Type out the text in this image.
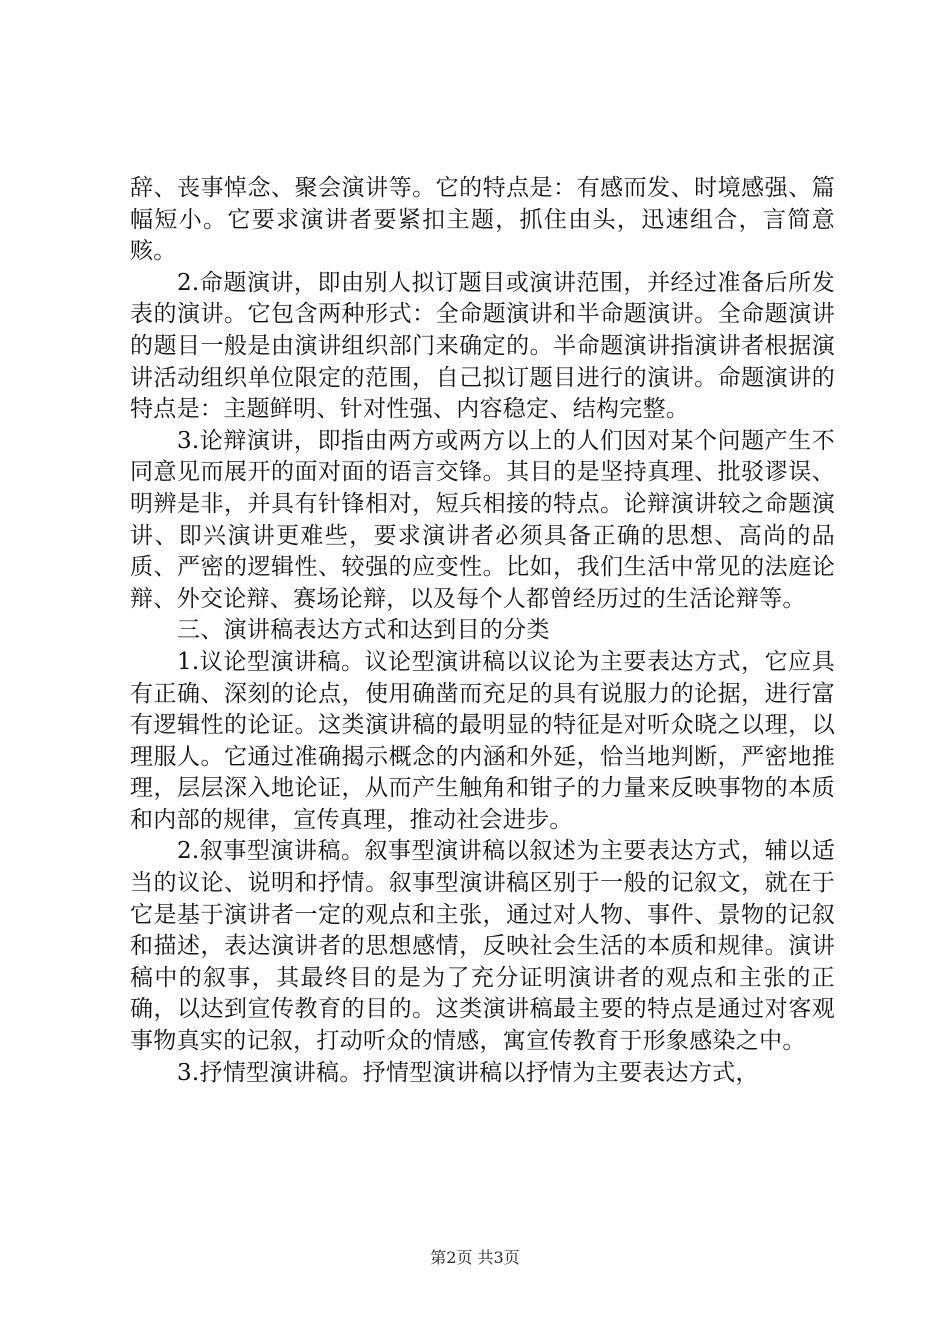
辞、丧事悼念、聚会演讲等。它的特点是：有感而发、时境感强、篇幅短小。它要求演讲者要紧扣主题，抓住由头，迅速组合，言简意赅。

2.命题演讲，即由别人拟订题目或演讲范围，并经过准备后所发表的演讲。它包含两种形式：全命题演讲和半命题演讲。全命题演讲的题目一般是由演讲组织部门来确定的。半命题演讲指演讲者根据演讲活动组织单位限定的范围，自己拟订题目进行的演讲。命题演讲的特点是：主题鲜明、针对性强、内容稳定、结构完整。

3.论辩演讲，即指由两方或两方以上的人们因对某个问题产生不同意见而展开的面对面的语言交锋。其目的是坚持真理、批驳谬误、明辨是非，并具有针锋相对，短兵相接的特点。论辩演讲较之命题演讲、即兴演讲更难些，要求演讲者必须具备正确的思想、高尚的品质、严密的逻辑性、较强的应变性。比如，我们生活中常见的法庭论辩、外交论辩、赛场论辩，以及每个人都曾经历过的生活论辩等。

三、演讲稿表达方式和达到目的分类

1.议论型演讲稿。议论型演讲稿以议论为主要表达方式，它应具有正确、深刻的论点，使用确凿而充足的具有说服力的论据，进行富有逻辑性的论证。这类演讲稿的最明显的特征是对听众晓之以理，以理服人。它通过准确揭示概念的内涵和外延，恰当地判断，严密地推理，层层深入地论证，从而产生触角和钳子的力量来反映事物的本质和内部的规律，宣传真理，推动社会进步。

2.叙事型演讲稿。叙事型演讲稿以叙述为主要表达方式，辅以适当的议论、说明和抒情。叙事型演讲稿区别于一般的记叙文，就在于它是基于演讲者一定的观点和主张，通过对人物、事件、景物的记叙和描述，表达演讲者的思想感情，反映社会生活的本质和规律。演讲稿中的叙事，其最终目的是为了充分证明演讲者的观点和主张的正确，以达到宣传教育的目的。这类演讲稿最主要的特点是通过对客观事物真实的记叙，打动听众的情感，寓宣传教育于形象感染之中。

3.抒情型演讲稿。抒情型演讲稿以抒情为主要表达方式，

第2页 共3页
